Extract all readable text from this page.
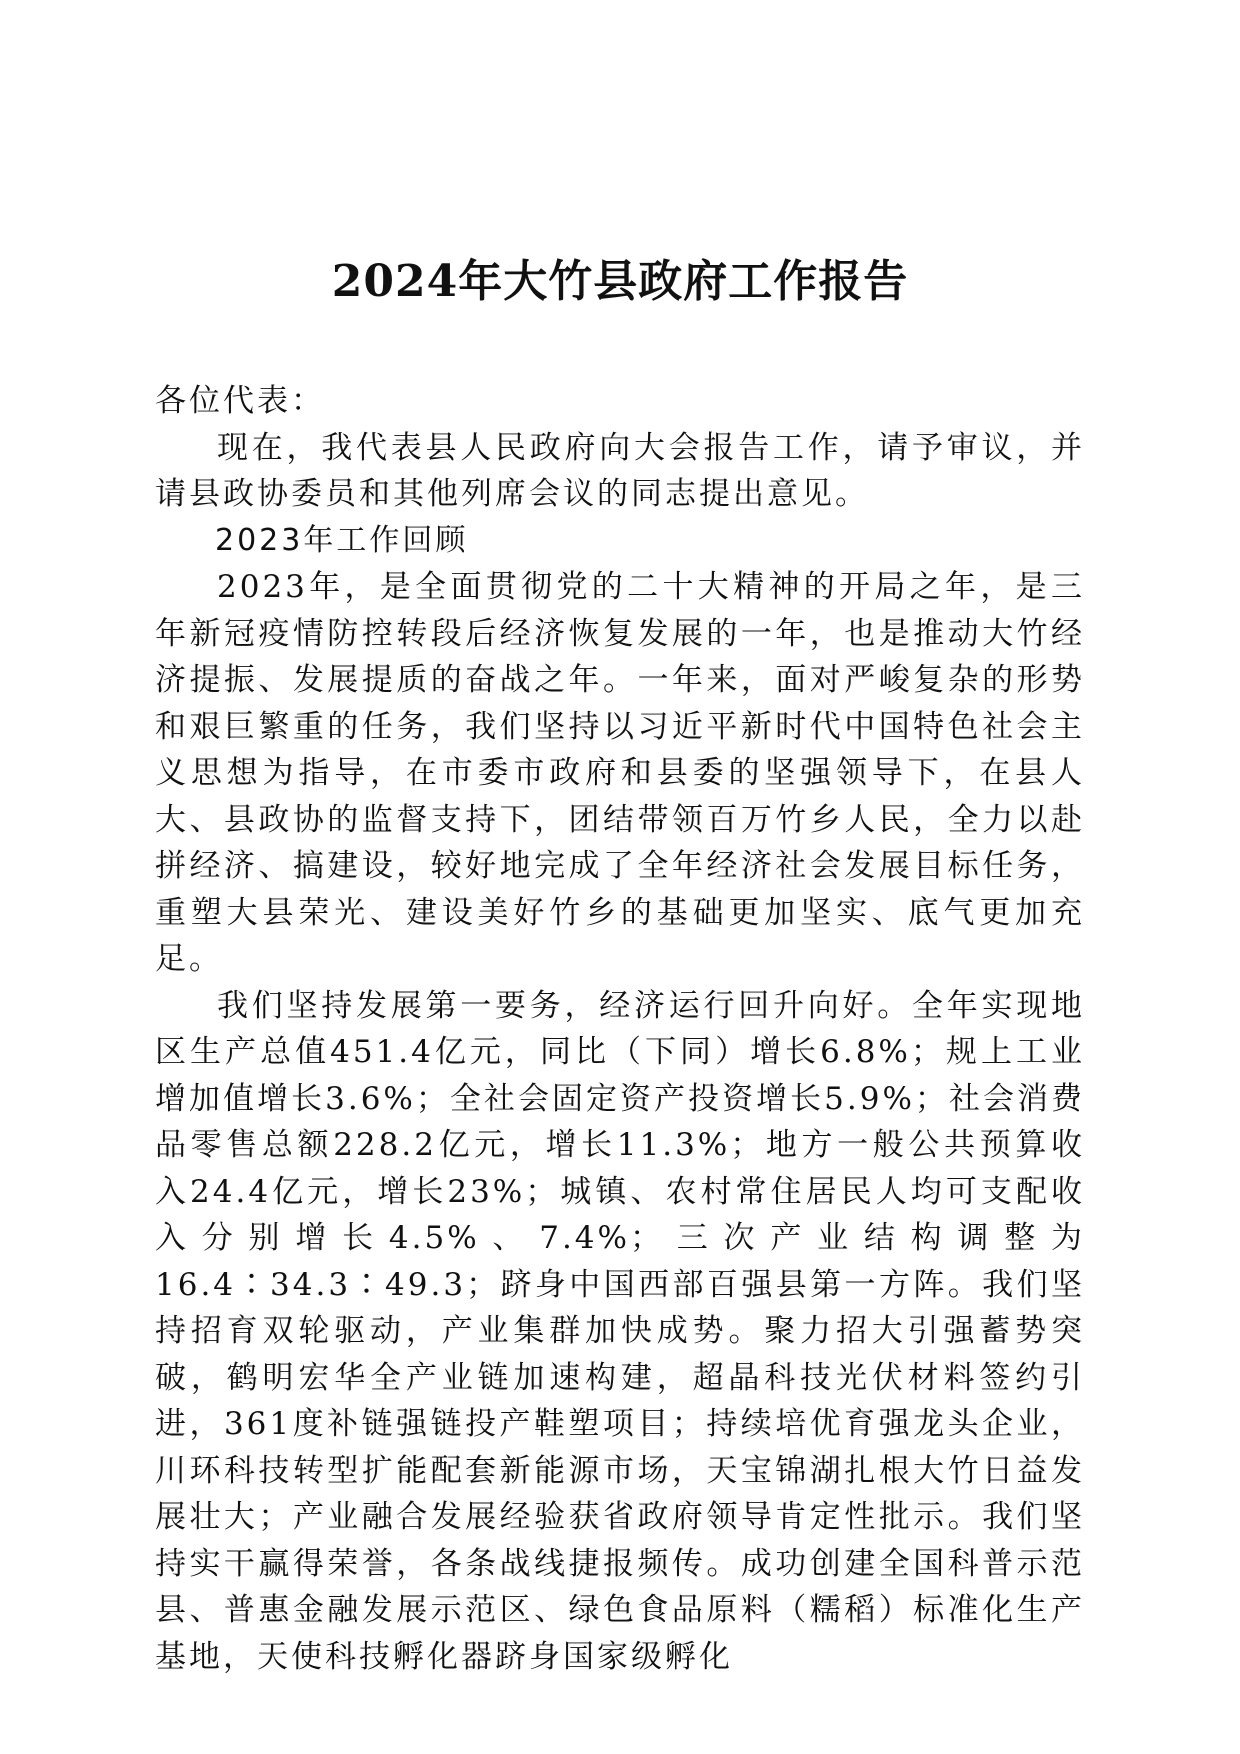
2024年大竹县政府工作报告

各位代表：

现在，我代表县人民政府向大会报告工作，请予审议，并请县政协委员和其他列席会议的同志提出意见。

2023年工作回顾

2023年，是全面贯彻党的二十大精神的开局之年，是三年新冠疫情防控转段后经济恢复发展的一年，也是推动大竹经济提振、发展提质的奋战之年。一年来，面对严峻复杂的形势和艰巨繁重的任务，我们坚持以习近平新时代中国特色社会主义思想为指导，在市委市政府和县委的坚强领导下，在县人大、县政协的监督支持下，团结带领百万竹乡人民，全力以赴拼经济、搞建设，较好地完成了全年经济社会发展目标任务，重塑大县荣光、建设美好竹乡的基础更加坚实、底气更加充足。

我们坚持发展第一要务，经济运行回升向好。全年实现地区生产总值451.4亿元，同比（下同）增长6.8%；规上工业增加值增长3.6%；全社会固定资产投资增长5.9%；社会消费品零售总额228.2亿元，增长11.3%；地方一般公共预算收入24.4亿元，增长23%；城镇、农村常住居民人均可支配收入分别增长4.5%、7.4%；三次产业结构调整为16.4∶34.3∶49.3；跻身中国西部百强县第一方阵。我们坚持招育双轮驱动，产业集群加快成势。聚力招大引强蓄势突破，鹤明宏华全产业链加速构建，超晶科技光伏材料签约引进，361度补链强链投产鞋塑项目；持续培优育强龙头企业，川环科技转型扩能配套新能源市场，天宝锦湖扎根大竹日益发展壮大；产业融合发展经验获省政府领导肯定性批示。我们坚持实干赢得荣誉，各条战线捷报频传。成功创建全国科普示范县、普惠金融发展示范区、绿色食品原料（糯稻）标准化生产基地，天使科技孵化器跻身国家级孵化
